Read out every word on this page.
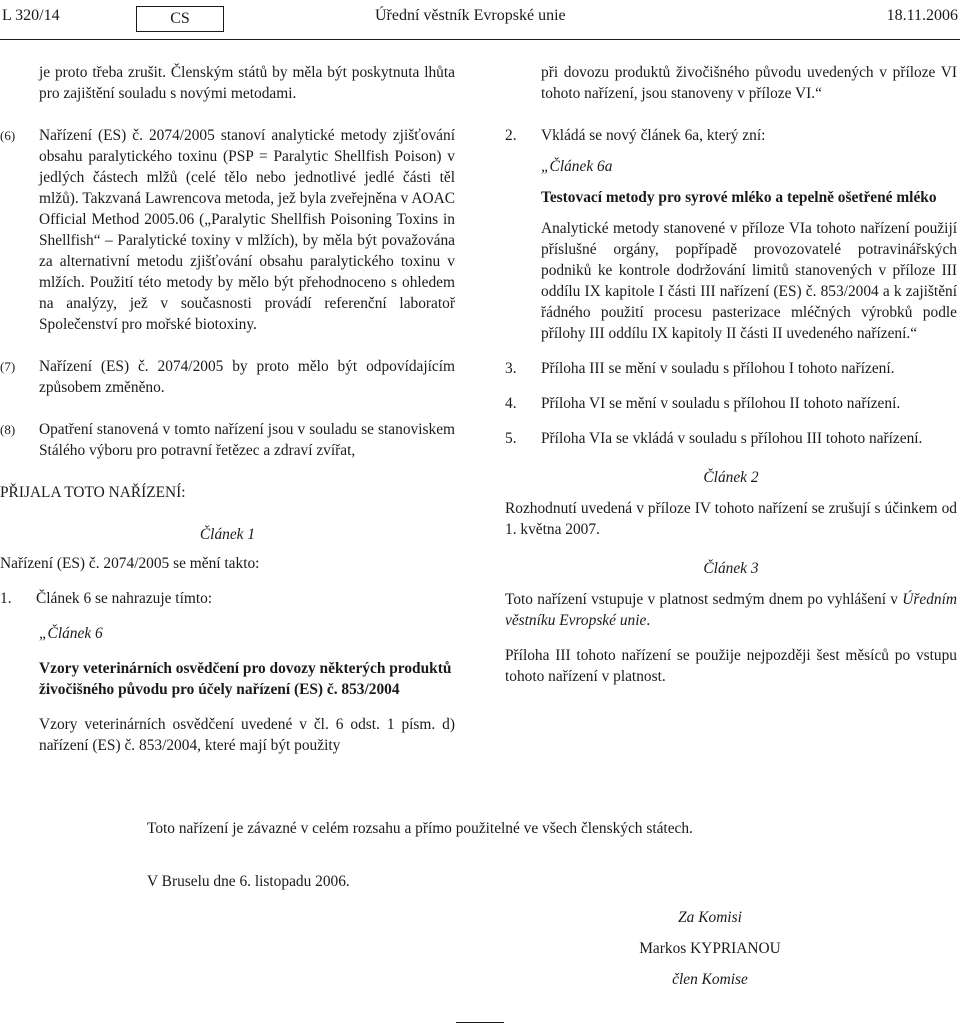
L 320/14	CS	Úřední věstník Evropské unie	18.11.2006

je proto třeba zrušit. Členským států by měla být poskytnuta lhůta pro zajištění souladu s novými metodami.

(6) Nařízení (ES) č. 2074/2005 stanoví analytické metody zjišťování obsahu paralytického toxinu (PSP = Paralytic Shellfish Poison) v jedlých částech mlžů (celé tělo nebo jednotlivé jedlé části těl mlžů). Takzvaná Lawrencova metoda, jež byla zveřejněna v AOAC Official Method 2005.06 („Paralytic Shellfish Poisoning Toxins in Shellfish“ – Paralytické toxiny v mlžích), by měla být považována za alternativní metodu zjišťování obsahu paralytického toxinu v mlžích. Použití této metody by mělo být přehodnoceno s ohledem na analýzy, jež v současnosti provádí referenční laboratoř Společenství pro mořské biotoxiny.

(7) Nařízení (ES) č. 2074/2005 by proto mělo být odpovídajícím způsobem změněno.

(8) Opatření stanovená v tomto nařízení jsou v souladu se stanoviskem Stálého výboru pro potravní řetězec a zdraví zvířat,

PŘIJALA TOTO NAŘÍZENÍ:

Článek 1

Nařízení (ES) č. 2074/2005 se mění takto:

1. Článek 6 se nahrazuje tímto:

„Článek 6

Vzory veterinárních osvědčení pro dovozy některých produktů živočišného původu pro účely nařízení (ES) č. 853/2004

Vzory veterinárních osvědčení uvedené v čl. 6 odst. 1 písm. d) nařízení (ES) č. 853/2004, které mají být použity

při dovozu produktů živočišného původu uvedených v příloze VI tohoto nařízení, jsou stanoveny v příloze VI.“

2. Vkládá se nový článek 6a, který zní:

„Článek 6a

Testovací metody pro syrové mléko a tepelně ošetřené mléko

Analytické metody stanovené v příloze VIa tohoto nařízení použijí příslušné orgány, popřípadě provozovatelé potravinářských podniků ke kontrole dodržování limitů stanovených v příloze III oddílu IX kapitole I části III nařízení (ES) č. 853/2004 a k zajištění řádného použití procesu pasterizace mléčných výrobků podle přílohy III oddílu IX kapitoly II části II uvedeného nařízení.“

3. Příloha III se mění v souladu s přílohou I tohoto nařízení.

4. Příloha VI se mění v souladu s přílohou II tohoto nařízení.

5. Příloha VIa se vkládá v souladu s přílohou III tohoto nařízení.

Článek 2

Rozhodnutí uvedená v příloze IV tohoto nařízení se zrušují s účinkem od 1. května 2007.

Článek 3

Toto nařízení vstupuje v platnost sedmým dnem po vyhlášení v Úředním věstníku Evropské unie.

Příloha III tohoto nařízení se použije nejpozději šest měsíců po vstupu tohoto nařízení v platnost.

Toto nařízení je závazné v celém rozsahu a přímo použitelné ve všech členských státech.

V Bruselu dne 6. listopadu 2006.

Za Komisi

Markos KYPRIANOU

člen Komise
